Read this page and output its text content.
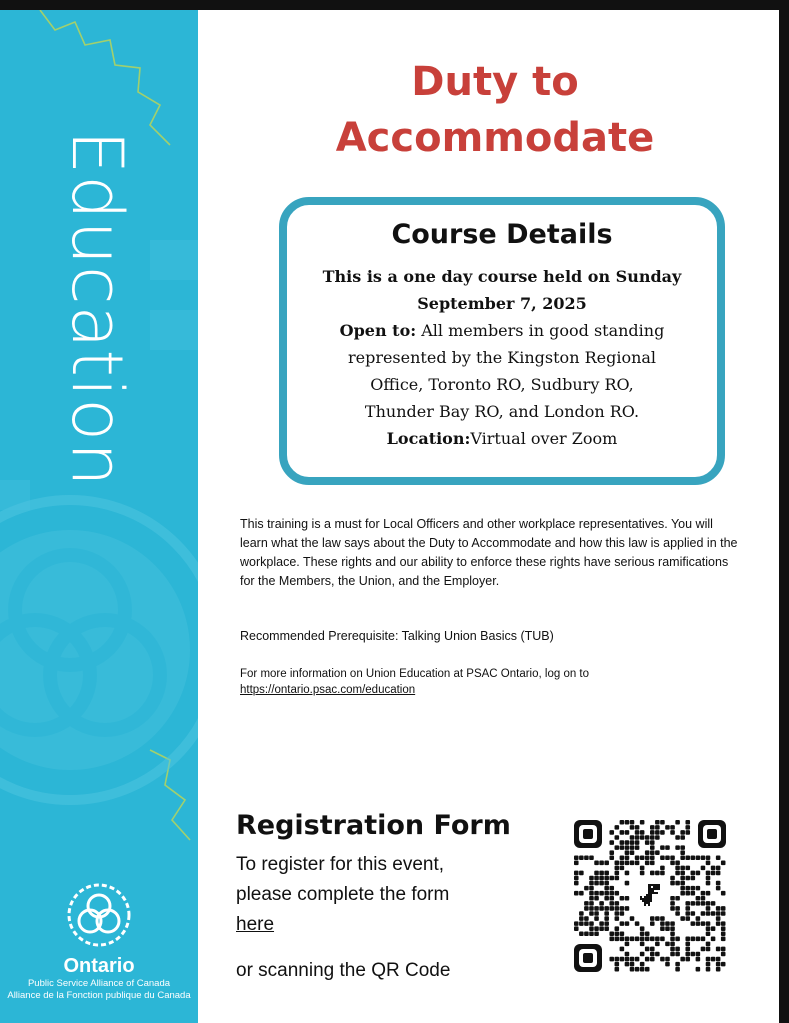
Education
Ontario
Public Service Alliance of Canada
Alliance de la Fonction publique du Canada
Duty to
Accommodate
Course Details
This is a one day course held on Sunday
September 7, 2025
Open to: All members in good standing
represented by the Kingston Regional
Office, Toronto RO, Sudbury RO,
Thunder Bay RO, and London RO.
Location:Virtual over Zoom
This training is a must for Local Officers and other workplace representatives. You will learn what the law says about the Duty to Accommodate and how this law is applied in the workplace. These rights and our ability to enforce these rights have serious ramifications for the Members, the Union, and the Employer.
Recommended Prerequisite: Talking Union Basics (TUB)
For more information on Union Education at PSAC Ontario, log on to
https://ontario.psac.com/education
Registration Form
To register for this event,
please complete the form
here
or scanning the QR Code
